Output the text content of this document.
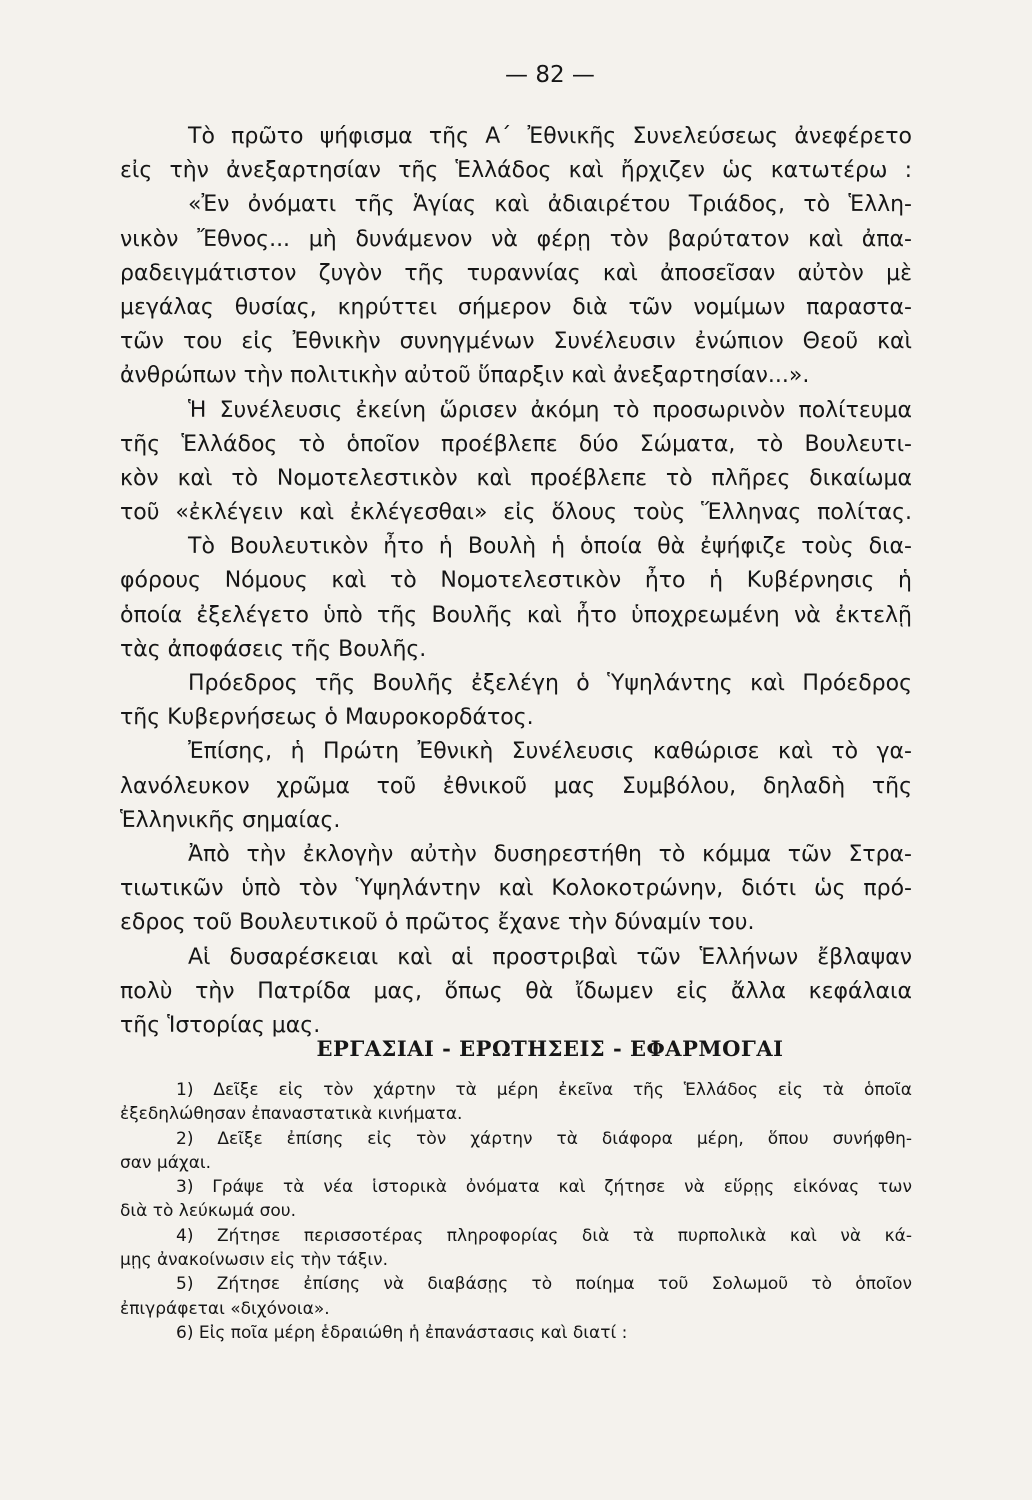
— 82 —
Τὸ πρῶτο ψήφισμα τῆς Α΄ Ἐθνικῆς Συνελεύσεως ἀνεφέρετο
εἰς τὴν ἀνεξαρτησίαν τῆς Ἑλλάδος καὶ ἤρχιζεν ὡς κατωτέρω :
«Ἐν ὀνόματι τῆς Ἁγίας καὶ ἀδιαιρέτου Τριάδος, τὸ Ἑλλη-
νικὸν Ἔθνος... μὴ δυνάμενον νὰ φέρῃ τὸν βαρύτατον καὶ ἀπα-
ραδειγμάτιστον ζυγὸν τῆς τυραννίας καὶ ἀποσεῖσαν αὐτὸν μὲ
μεγάλας θυσίας, κηρύττει σήμερον διὰ τῶν νομίμων παραστα-
τῶν του εἰς Ἐθνικὴν συνηγμένων Συνέλευσιν ἐνώπιον Θεοῦ καὶ
ἀνθρώπων τὴν πολιτικὴν αὐτοῦ ὕπαρξιν καὶ ἀνεξαρτησίαν...».
Ἡ Συνέλευσις ἐκείνη ὥρισεν ἀκόμη τὸ προσωρινὸν πολίτευμα
τῆς Ἑλλάδος τὸ ὁποῖον προέβλεπε δύο Σώματα, τὸ Βουλευτι-
κὸν καὶ τὸ Νομοτελεστικὸν καὶ προέβλεπε τὸ πλῆρες δικαίωμα
τοῦ «ἐκλέγειν καὶ ἐκλέγεσθαι» εἰς ὅλους τοὺς Ἕλληνας πολίτας.
Τὸ Βουλευτικὸν ἦτο ἡ Βουλὴ ἡ ὁποία θὰ ἐψήφιζε τοὺς δια-
φόρους Νόμους καὶ τὸ Νομοτελεστικὸν ἦτο ἡ Κυβέρνησις ἡ
ὁποία ἐξελέγετο ὑπὸ τῆς Βουλῆς καὶ ἦτο ὑποχρεωμένη νὰ ἐκτελῇ
τὰς ἀποφάσεις τῆς Βουλῆς.
Πρόεδρος τῆς Βουλῆς ἐξελέγη ὁ Ὑψηλάντης καὶ Πρόεδρος
τῆς Κυβερνήσεως ὁ Μαυροκορδάτος.
Ἐπίσης, ἡ Πρώτη Ἐθνικὴ Συνέλευσις καθώρισε καὶ τὸ γα-
λανόλευκον χρῶμα τοῦ ἐθνικοῦ μας Συμβόλου, δηλαδὴ τῆς
Ἑλληνικῆς σημαίας.
Ἀπὸ τὴν ἐκλογὴν αὐτὴν δυσηρεστήθη τὸ κόμμα τῶν Στρα-
τιωτικῶν ὑπὸ τὸν Ὑψηλάντην καὶ Κολοκοτρώνην, διότι ὡς πρό-
εδρος τοῦ Βουλευτικοῦ ὁ πρῶτος ἔχανε τὴν δύναμίν του.
Αἱ δυσαρέσκειαι καὶ αἱ προστριβαὶ τῶν Ἑλλήνων ἔβλαψαν
πολὺ τὴν Πατρίδα μας, ὅπως θὰ ἴδωμεν εἰς ἄλλα κεφάλαια
τῆς Ἱστορίας μας.
ΕΡΓΑΣΙΑΙ - ΕΡΩΤΗΣΕΙΣ - ΕΦΑΡΜΟΓΑΙ
1) Δεῖξε εἰς τὸν χάρτην τὰ μέρη ἐκεῖνα τῆς Ἑλλάδος εἰς τὰ ὁποῖα
ἐξεδηλώθησαν ἐπαναστατικὰ κινήματα.
2) Δεῖξε ἐπίσης εἰς τὸν χάρτην τὰ διάφορα μέρη, ὅπου συνήφθη-
σαν μάχαι.
3) Γράψε τὰ νέα ἱστορικὰ ὀνόματα καὶ ζήτησε νὰ εὕρῃς εἰκόνας των
διὰ τὸ λεύκωμά σου.
4) Ζήτησε περισσοτέρας πληροφορίας διὰ τὰ πυρπολικὰ καὶ νὰ κά-
μῃς ἀνακοίνωσιν εἰς τὴν τάξιν.
5) Ζήτησε ἐπίσης νὰ διαβάσῃς τὸ ποίημα τοῦ Σολωμοῦ τὸ ὁποῖον
ἐπιγράφεται «διχόνοια».
6) Εἰς ποῖα μέρη ἑδραιώθη ἡ ἐπανάστασις καὶ διατί :
